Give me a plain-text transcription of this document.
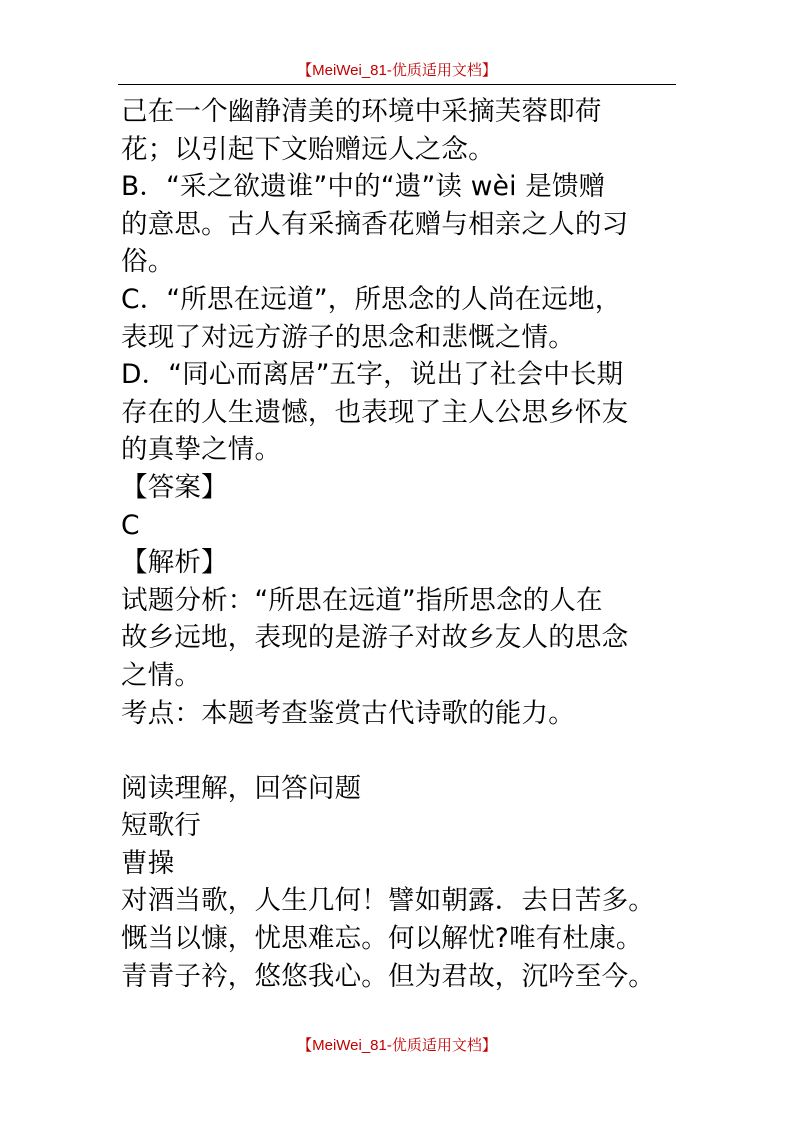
【MeiWei_81-优质适用文档】
己在一个幽静清美的环境中采摘芙蓉即荷
花；以引起下文贻赠远人之念。
B．“采之欲遗谁”中的“遗”读 wèi 是馈赠
的意思。古人有采摘香花赠与相亲之人的习
俗。
C．“所思在远道”，所思念的人尚在远地，
表现了对远方游子的思念和悲慨之情。
D．“同心而离居”五字，说出了社会中长期
存在的人生遗憾，也表现了主人公思乡怀友
的真挚之情。
【答案】
C
【解析】
试题分析：“所思在远道”指所思念的人在
故乡远地，表现的是游子对故乡友人的思念
之情。
考点：本题考查鉴赏古代诗歌的能力。
阅读理解，回答问题
短歌行
曹操
对酒当歌，人生几何！譬如朝露．去日苦多。
慨当以慷，忧思难忘。何以解忧?唯有杜康。
青青子衿，悠悠我心。但为君故，沉吟至今。
【MeiWei_81-优质适用文档】
